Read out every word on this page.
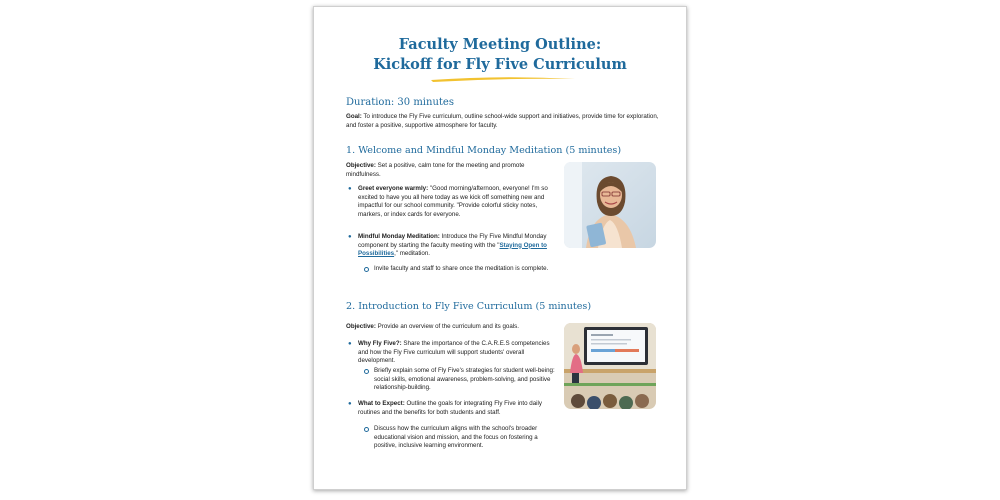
Faculty Meeting Outline:
Kickoff for Fly Five Curriculum
Duration: 30 minutes
Goal: To introduce the Fly Five curriculum, outline school-wide support and initiatives, provide time for exploration, and foster a positive, supportive atmosphere for faculty.
1. Welcome and Mindful Monday Meditation (5 minutes)
Objective: Set a positive, calm tone for the meeting and promote mindfulness.
● Greet everyone warmly: "Good morning/afternoon, everyone! I'm so excited to have you all here today as we kick off something new and impactful for our school community. "Provide colorful sticky notes, markers, or index cards for everyone.
● Mindful Monday Meditation: Introduce the Fly Five Mindful Monday component by starting the faculty meeting with the "Staying Open to Possibilities," meditation.
Invite faculty and staff to share once the meditation is complete.
2. Introduction to Fly Five Curriculum (5 minutes)
Objective: Provide an overview of the curriculum and its goals.
● Why Fly Five?: Share the importance of the C.A.R.E.S competencies and how the Fly Five curriculum will support students' overall development.
Briefly explain some of Fly Five's strategies for student well-being: social skills, emotional awareness, problem-solving, and positive relationship-building.
● What to Expect: Outline the goals for integrating Fly Five into daily routines and the benefits for both students and staff.
Discuss how the curriculum aligns with the school's broader educational vision and mission, and the focus on fostering a positive, inclusive learning environment.
